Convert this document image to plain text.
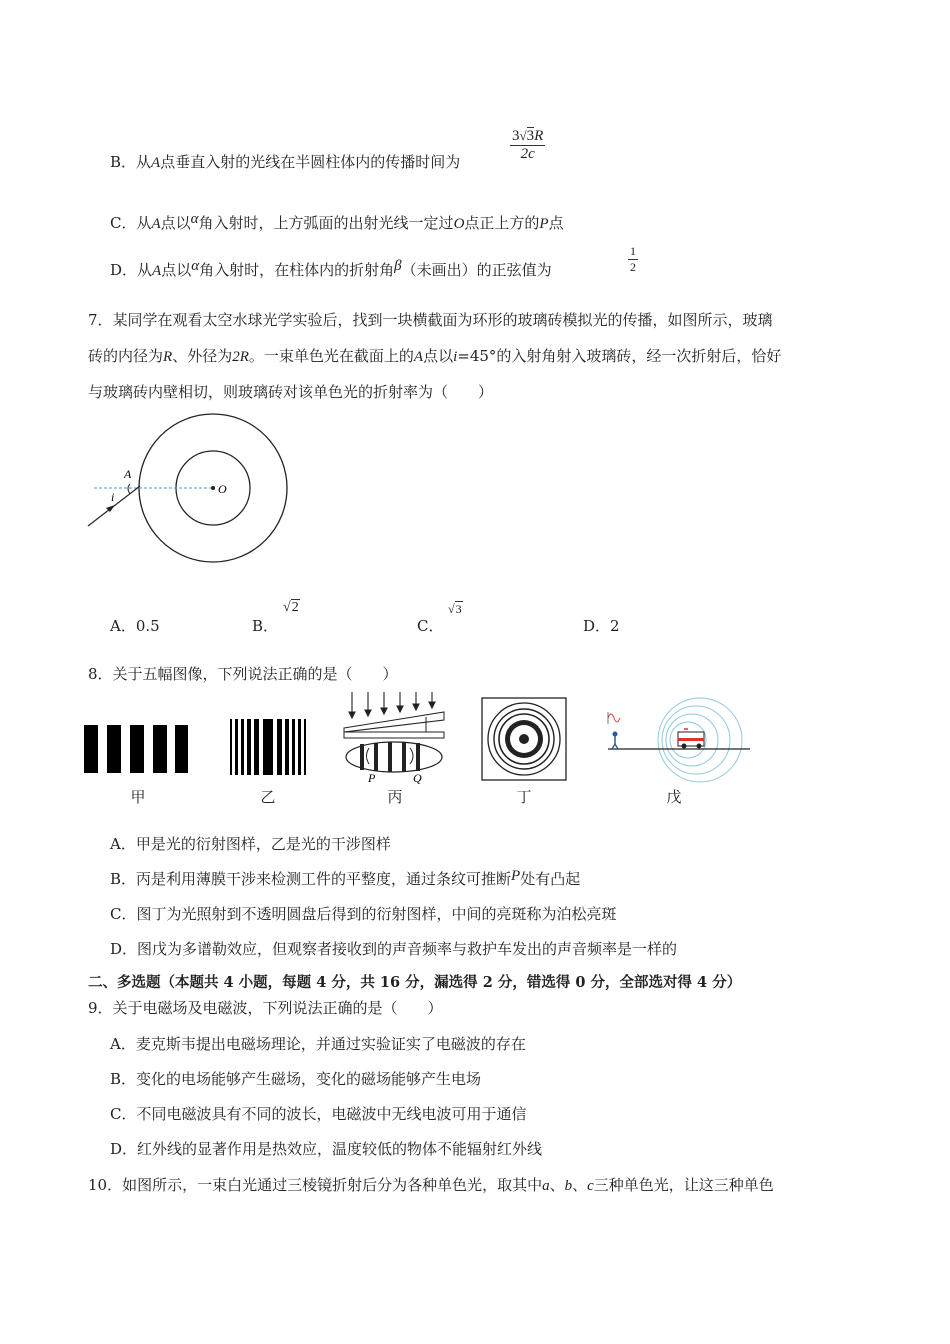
B．从A点垂直入射的光线在半圆柱体内的传播时间为	$\frac{3√3R}{2c}$
C．从A点以α角入射时，上方弧面的出射光线一定过O点正上方的P点
D．从A点以α角入射时，在柱体内的折射角β（未画出）的正弦值为	$\frac{1}{2}$
7．某同学在观看太空水球光学实验后，找到一块横截面为环形的玻璃砖模拟光的传播，如图所示，玻璃
砖的内径为R、外径为2R。一束单色光在截面上的A点以i=45°的入射角射入玻璃砖，经一次折射后，恰好
与玻璃砖内壁相切，则玻璃砖对该单色光的折射率为（　　）
A
i
O
A．0.5	B．
√2
C．
√3
D．2
8．关于五幅图像，下列说法正确的是（　　）
P	Q
甲	乙	丙	丁	戊
A．甲是光的衍射图样，乙是光的干涉图样
B．丙是利用薄膜干涉来检测工件的平整度，通过条纹可推断P处有凸起
C．图丁为光照射到不透明圆盘后得到的衍射图样，中间的亮斑称为泊松亮斑
D．图戊为多谱勒效应，但观察者接收到的声音频率与救护车发出的声音频率是一样的
二、多选题（本题共 4 小题，每题 4 分，共 16 分，漏选得 2 分，错选得 0 分，全部选对得 4 分）
9．关于电磁场及电磁波，下列说法正确的是（　　）
A．麦克斯韦提出电磁场理论，并通过实验证实了电磁波的存在
B．变化的电场能够产生磁场，变化的磁场能够产生电场
C．不同电磁波具有不同的波长，电磁波中无线电波可用于通信
D．红外线的显著作用是热效应，温度较低的物体不能辐射红外线
10．如图所示，一束白光通过三棱镜折射后分为各种单色光，取其中a、b、c三种单色光，让这三种单色
